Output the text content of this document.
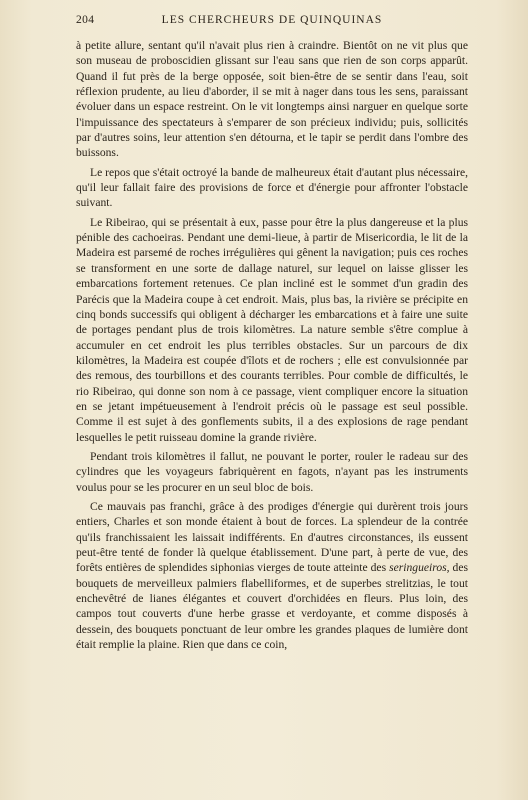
204	LES CHERCHEURS DE QUINQUINAS

à petite allure, sentant qu'il n'avait plus rien à craindre. Bientôt on ne vit plus que son museau de proboscidien glissant sur l'eau sans que rien de son corps apparût. Quand il fut près de la berge opposée, soit bien-être de se sentir dans l'eau, soit réflexion prudente, au lieu d'aborder, il se mit à nager dans tous les sens, paraissant évoluer dans un espace restreint. On le vit longtemps ainsi narguer en quelque sorte l'impuissance des spectateurs à s'emparer de son précieux individu; puis, sollicités par d'autres soins, leur attention s'en détourna, et le tapir se perdit dans l'ombre des buissons.

Le repos que s'était octroyé la bande de malheureux était d'autant plus nécessaire, qu'il leur fallait faire des provisions de force et d'énergie pour affronter l'obstacle suivant.

Le Ribeirao, qui se présentait à eux, passe pour être la plus dangereuse et la plus pénible des cachoeiras. Pendant une demi-lieue, à partir de Misericordia, le lit de la Madeira est parsemé de roches irrégulières qui gênent la navigation; puis ces roches se transforment en une sorte de dallage naturel, sur lequel on laisse glisser les embarcations fortement retenues. Ce plan incliné est le sommet d'un gradin des Parécis que la Madeira coupe à cet endroit. Mais, plus bas, la rivière se précipite en cinq bonds successifs qui obligent à décharger les embarcations et à faire une suite de portages pendant plus de trois kilomètres. La nature semble s'être complue à accumuler en cet endroit les plus terribles obstacles. Sur un parcours de dix kilomètres, la Madeira est coupée d'îlots et de rochers ; elle est convulsionnée par des remous, des tourbillons et des courants terribles. Pour comble de difficultés, le rio Ribeirao, qui donne son nom à ce passage, vient compliquer encore la situation en se jetant impétueusement à l'endroit précis où le passage est seul possible. Comme il est sujet à des gonflements subits, il a des explosions de rage pendant lesquelles le petit ruisseau domine la grande rivière.

Pendant trois kilomètres il fallut, ne pouvant le porter, rouler le radeau sur des cylindres que les voyageurs fabriquèrent en fagots, n'ayant pas les instruments voulus pour se les procurer en un seul bloc de bois.

Ce mauvais pas franchi, grâce à des prodiges d'énergie qui durèrent trois jours entiers, Charles et son monde étaient à bout de forces. La splendeur de la contrée qu'ils franchissaient les laissait indifférents. En d'autres circonstances, ils eussent peut-être tenté de fonder là quelque établissement. D'une part, à perte de vue, des forêts entières de splendides siphonias vierges de toute atteinte des seringueiros, des bouquets de merveilleux palmiers flabelliformes, et de superbes strelitzias, le tout enchevêtré de lianes élégantes et couvert d'orchidées en fleurs. Plus loin, des campos tout couverts d'une herbe grasse et verdoyante, et comme disposés à dessein, des bouquets ponctuant de leur ombre les grandes plaques de lumière dont était remplie la plaine. Rien que dans ce coin,
